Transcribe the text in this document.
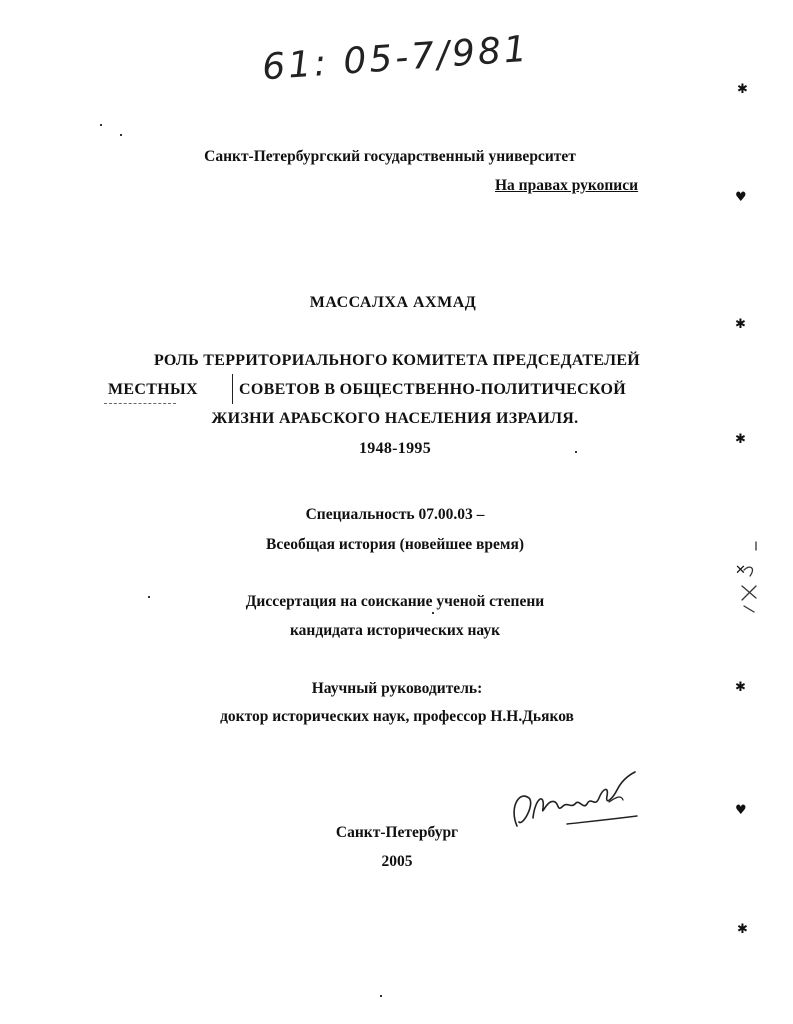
61: 05-7/981
Санкт-Петербургский государственный университет
На правах рукописи
МАССАЛХА АХМАД
РОЛЬ ТЕРРИТОРИАЛЬНОГО КОМИТЕТА ПРЕДСЕДАТЕЛЕЙ
МЕСТНЫХ	СОВЕТОВ В ОБЩЕСТВЕННО-ПОЛИТИЧЕСКОЙ
ЖИЗНИ АРАБСКОГО НАСЕЛЕНИЯ ИЗРАИЛЯ.
1948-1995
Специальность 07.00.03 –
Всеобщая история (новейшее время)
Диссертация на соискание ученой степени
кандидата исторических наук
Научный руководитель:
доктор исторических наук, профессор Н.Н.Дьяков
Санкт-Петербург
2005
✱
♥
✱
✱
✕
✱
♥
✱
